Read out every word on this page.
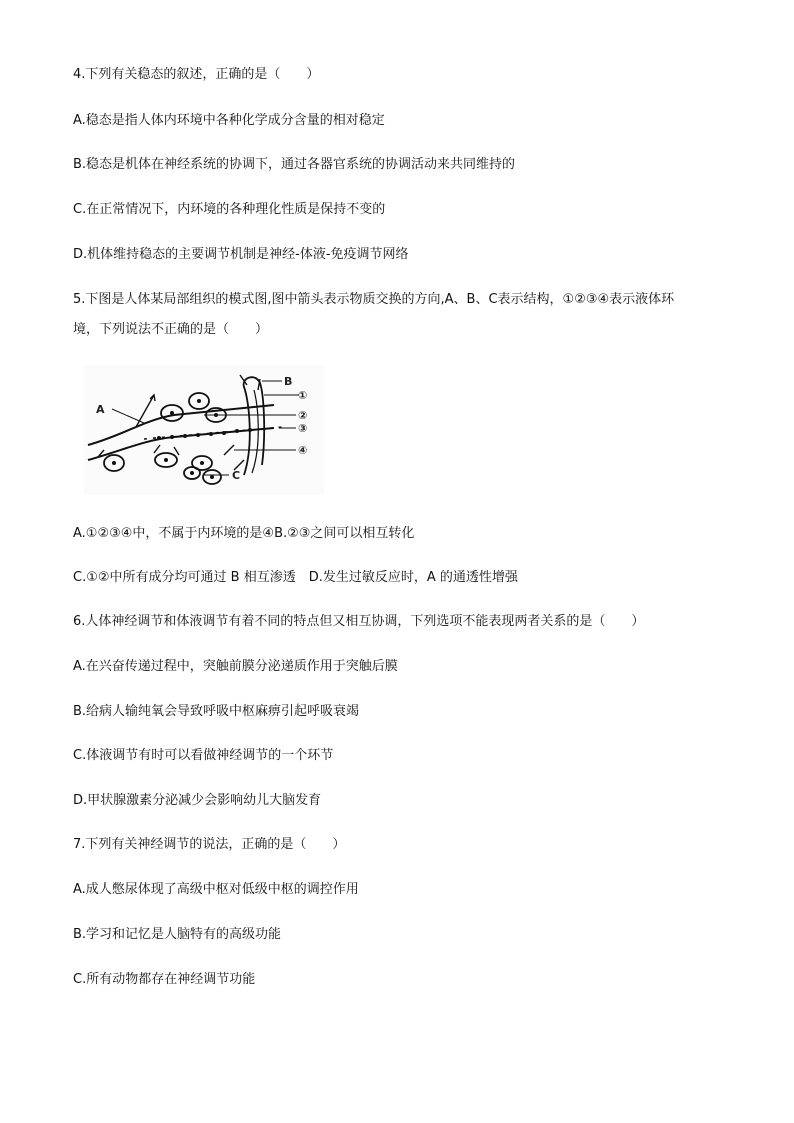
4.下列有关稳态的叙述，正确的是（　　）
A.稳态是指人体内环境中各种化学成分含量的相对稳定
B.稳态是机体在神经系统的协调下，通过各器官系统的协调活动来共同维持的
C.在正常情况下，内环境的各种理化性质是保持不变的
D.机体维持稳态的主要调节机制是神经-体液-免疫调节网络
5.下图是人体某局部组织的模式图,图中箭头表示物质交换的方向,A、B、C表示结构，①②③④表示液体环
境，下列说法不正确的是（　　）
A
B
C
①
②
③
④
A.①②③④中，不属于内环境的是④B.②③之间可以相互转化
C.①②中所有成分均可通过 B 相互渗透　D.发生过敏反应时，A 的通透性增强
6.人体神经调节和体液调节有着不同的特点但又相互协调，下列选项不能表现两者关系的是（　　）
A.在兴奋传递过程中，突触前膜分泌递质作用于突触后膜
B.给病人输纯氧会导致呼吸中枢麻痹引起呼吸衰竭
C.体液调节有时可以看做神经调节的一个环节
D.甲状腺激素分泌减少会影响幼儿大脑发育
7.下列有关神经调节的说法，正确的是（　　）
A.成人憋尿体现了高级中枢对低级中枢的调控作用
B.学习和记忆是人脑特有的高级功能
C.所有动物都存在神经调节功能
